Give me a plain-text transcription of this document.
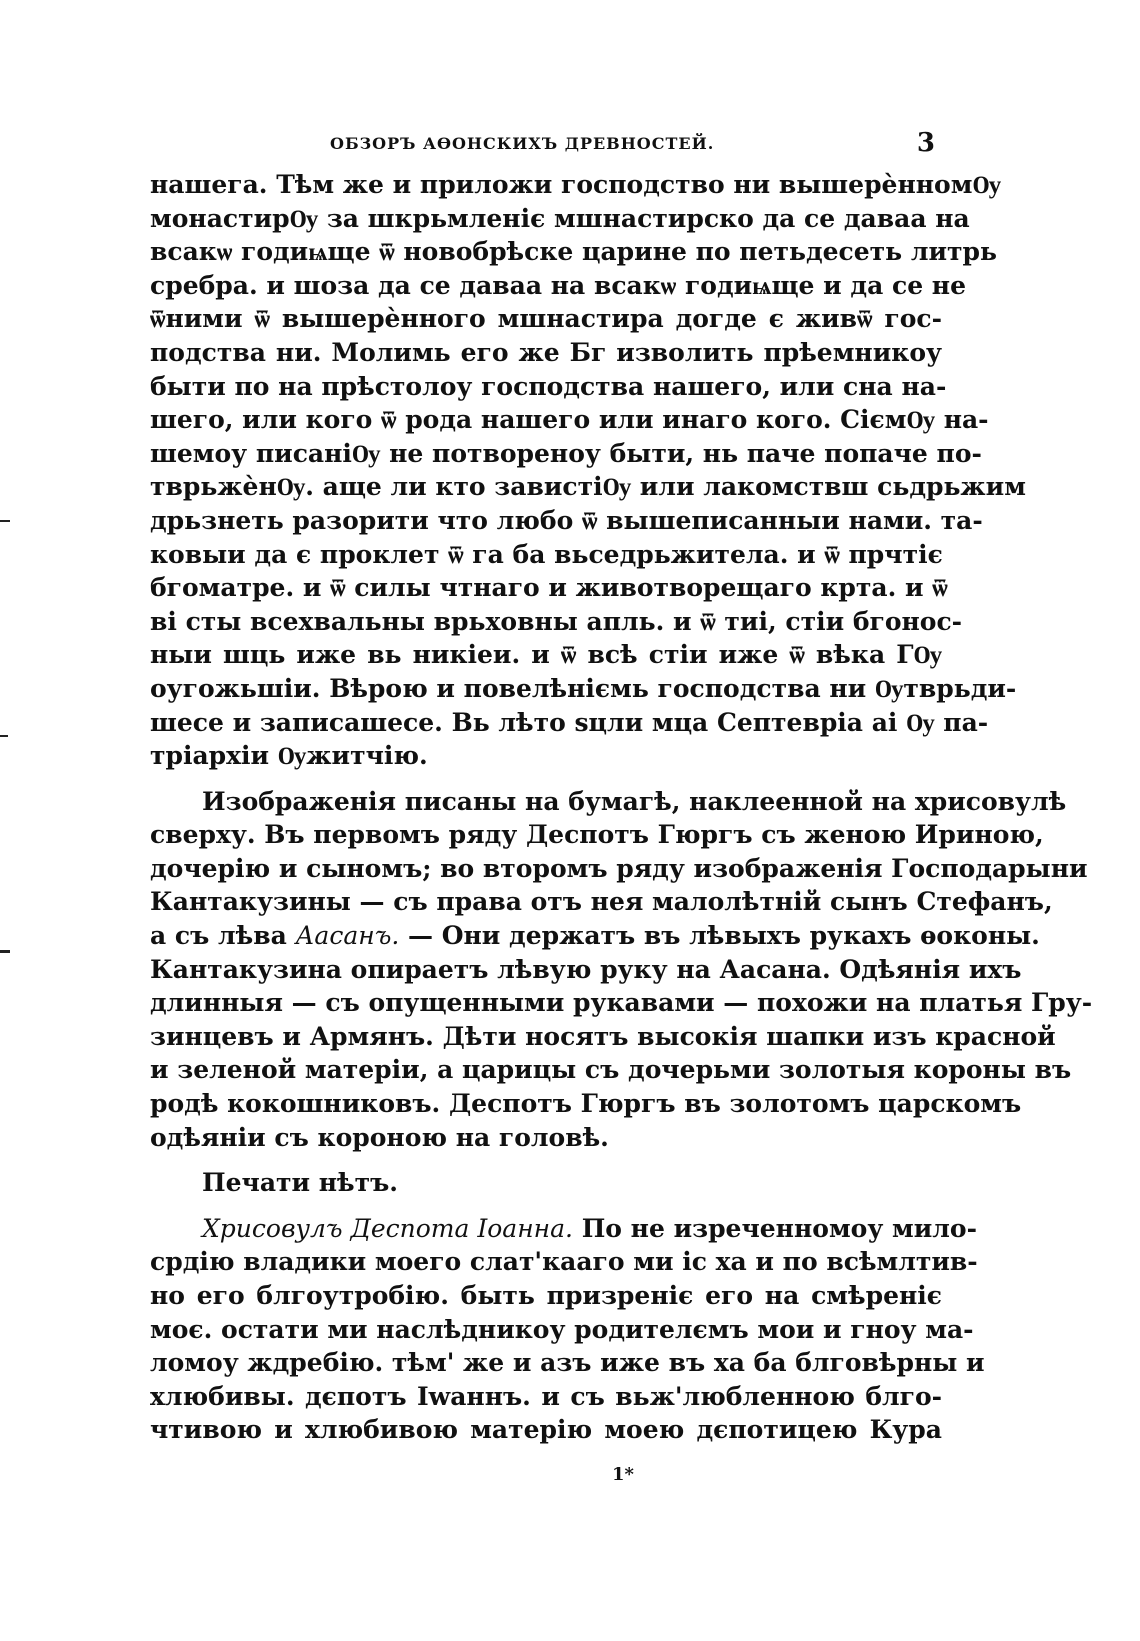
ОБЗОРЪ АѲОНСКИХЪ ДРЕВНОСТЕЙ.	3

нашега. Тѣм же и приложи господство ни вышерѐнномѸ
монастирѸ за шкрьмленіє мшнастирско да се давaа на
всакѡ годиѩще ѿ новобрѣске царине по петьдесеть литрь
сребра. и шоза да се давaа на всакѡ годиѩще и да се не
ѿними ѿ вышерѐнного мшнастира догде є живѿ гос-
подства ни. Молимь его же Бг изволить прѣемникоу
быти по нa прѣстолоу господства нашего, или сна на-
шего, или кого ѿ рода нашего или инаго кого. СіємѸ на-
шемоу писаніѸ не потвореноу быти, нь паче попаче по-
тврьжѐнѸ. аще ли кто завистіѸ или лакомствш сьдрьжим
дрьзнеть разорити что любо ѿ вышеписанныи нами. та-
ковыи да є проклет ѿ гa бa вьседрьжителa. и ѿ прчтіє
бгоматре. и ѿ силы чтнаго и животворещаго крта. и ѿ
ві сты всехвальны врьховны апль. и ѿ тиі, стіи бгонос-
ныи шць иже вь никіеи. и ѿ всѣ стіи иже ѿ вѣка ГѸ
оугожьшіи. Вѣрою и повелѣніємь господства ни Ѹтврьди-
шесе и записашесе. Вь лѣто ѕцли мца Септевріа аі Ѹ па-
тріархіи Ѹжитчію.

Изображенія писаны на бумагѣ, наклеенной на хрисовулѣ
сверху. Въ первомъ ряду Деспотъ Гюргъ съ женою Ириною,
дочерію и сыномъ; во второмъ ряду изображенія Господарыни
Кантакузины — съ права отъ нея малолѣтній сынъ Стефанъ,
а съ лѣва Аасанъ. — Они держатъ въ лѣвыхъ рукахъ ѳоконы.
Кантакузина опираетъ лѣвую руку на Аасана. Одѣянія ихъ
длинныя — съ опущенными рукавами — похожи на платья Гру-
зинцевъ и Армянъ. Дѣти носятъ высокія шапки изъ красной
и зеленой матеріи, а царицы съ дочерьми золотыя короны въ
родѣ кокошниковъ. Деспотъ Гюргъ въ золотомъ царскомъ
одѣяніи съ короною на головѣ.

Печати нѣтъ.

Хрисовулъ Деспота Іоанна. По не изреченномоу мило-
срдію владики моего слат'кaаго ми іс ха и по всѣмлтив-
но его блгоутробію. быть призреніє его на смѣреніє
моє. остати ми наслѣдникоу родителємъ мои и гноу ма-
ломоу ждребію. тѣм' же и азъ иже въ хa бa блговѣрны и
хлюбивы. дєпотъ Іwаннъ. и съ вьж'любленною блго-
чтивою и хлюбивою матерію моею дєпотицею Кура

1*
